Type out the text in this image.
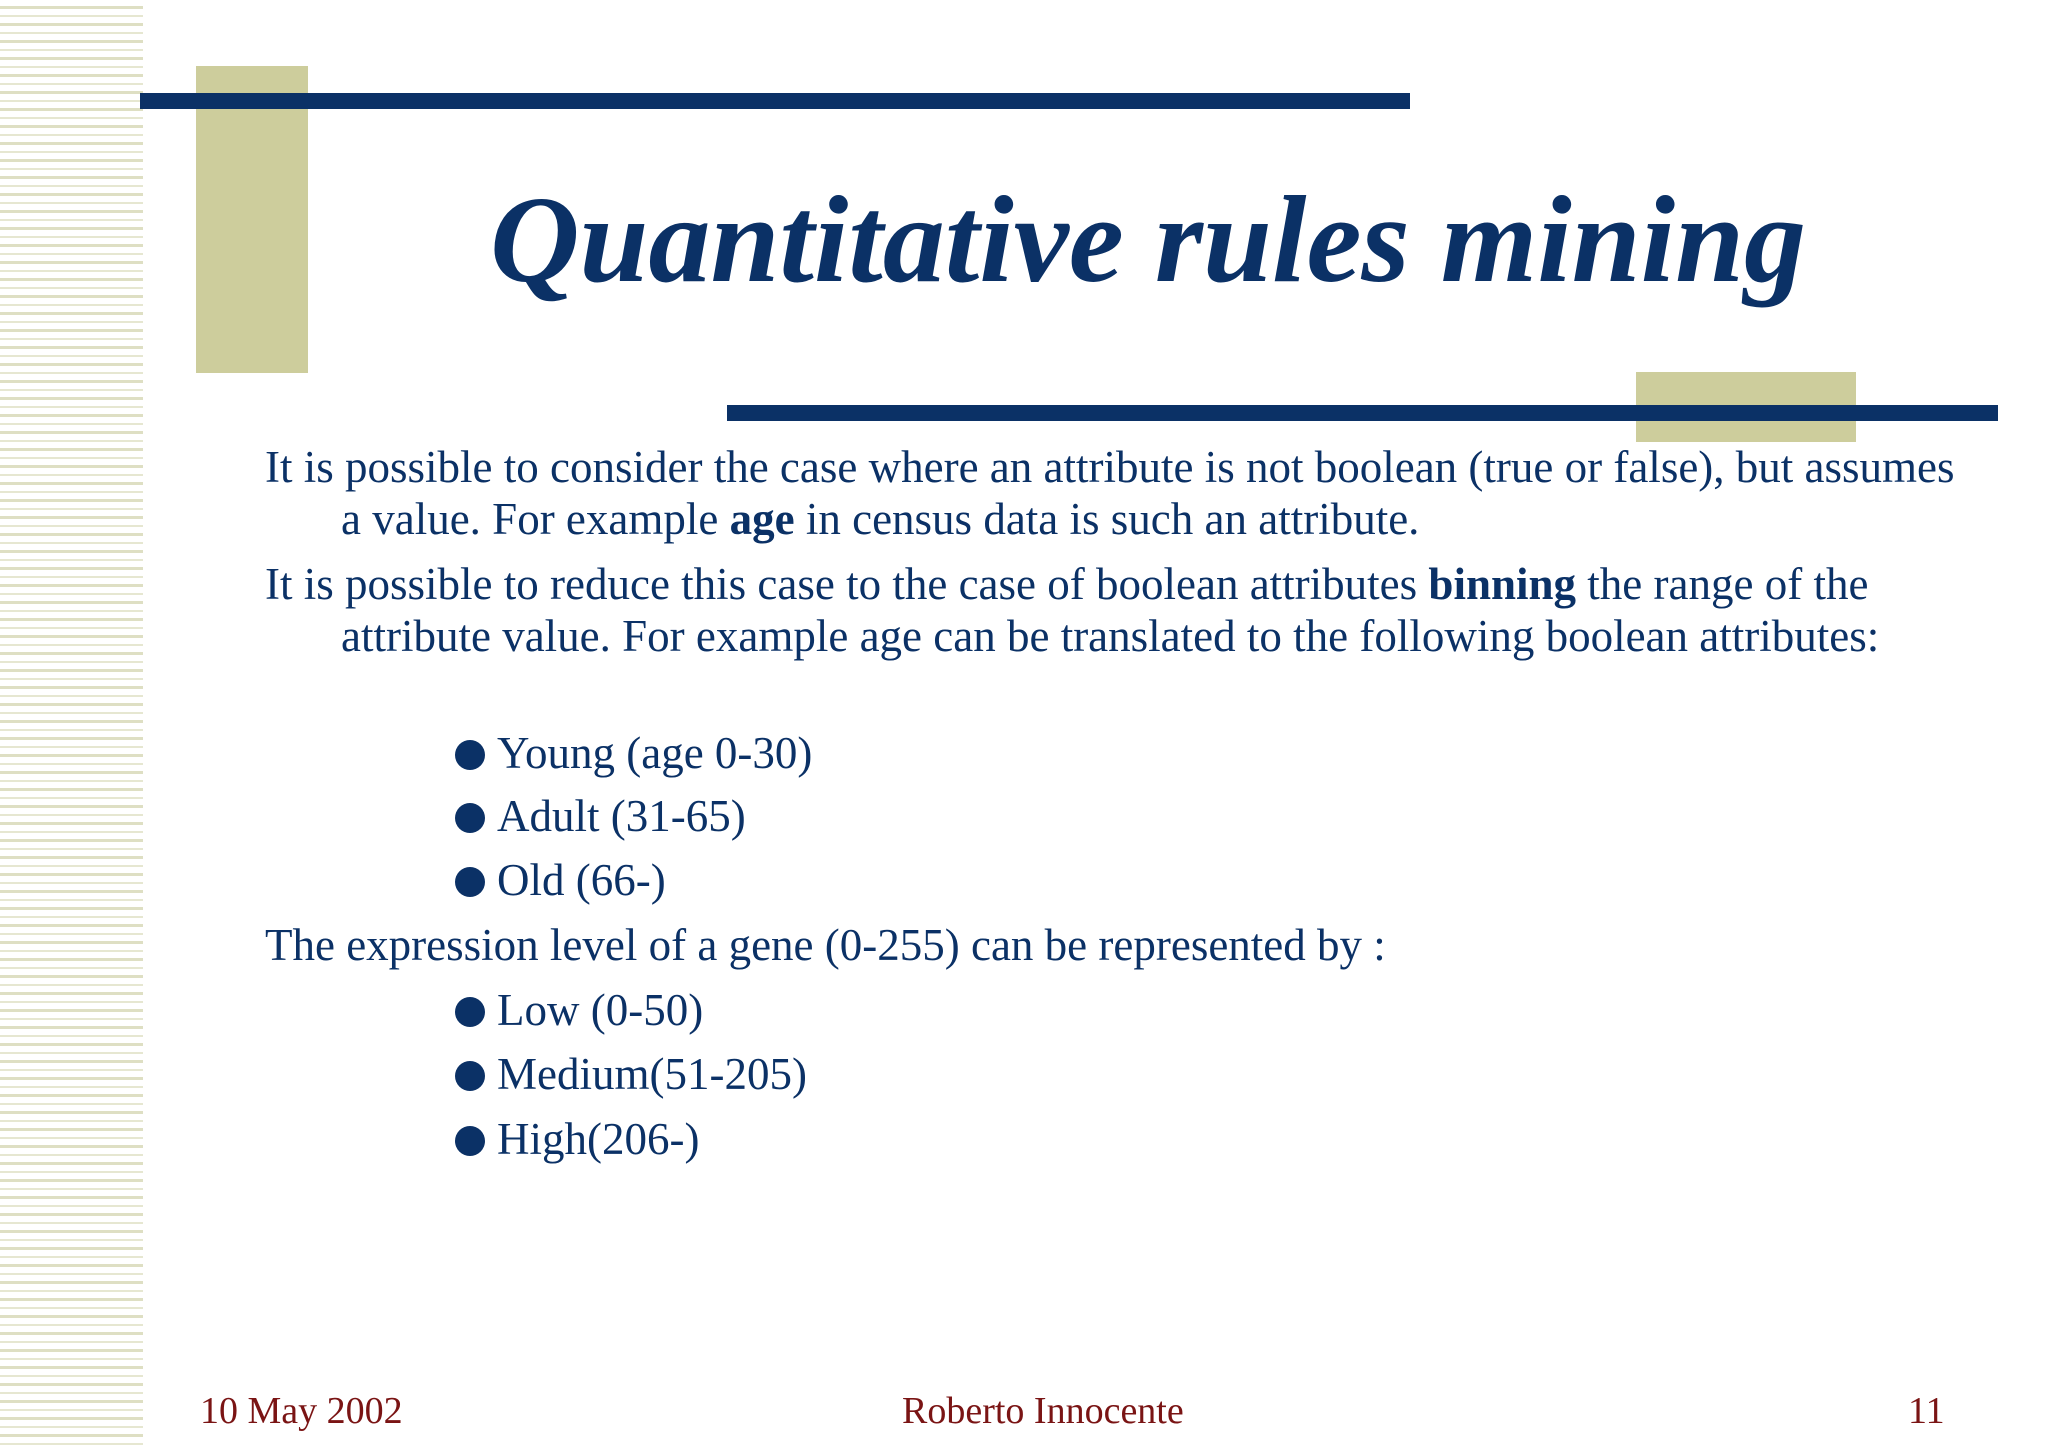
Quantitative rules mining

It is possible to consider the case where an attribute is not boolean (true or false), but assumes a value. For example age in census data is such an attribute.

It is possible to reduce this case to the case of boolean attributes binning the range of the attribute value. For example age can be translated to the following boolean attributes:

Young (age 0-30)
Adult (31-65)
Old (66-)

The expression level of a gene (0-255) can be represented by :

Low (0-50)
Medium(51-205)
High(206-)
10 May 2002	Roberto Innocente	11
